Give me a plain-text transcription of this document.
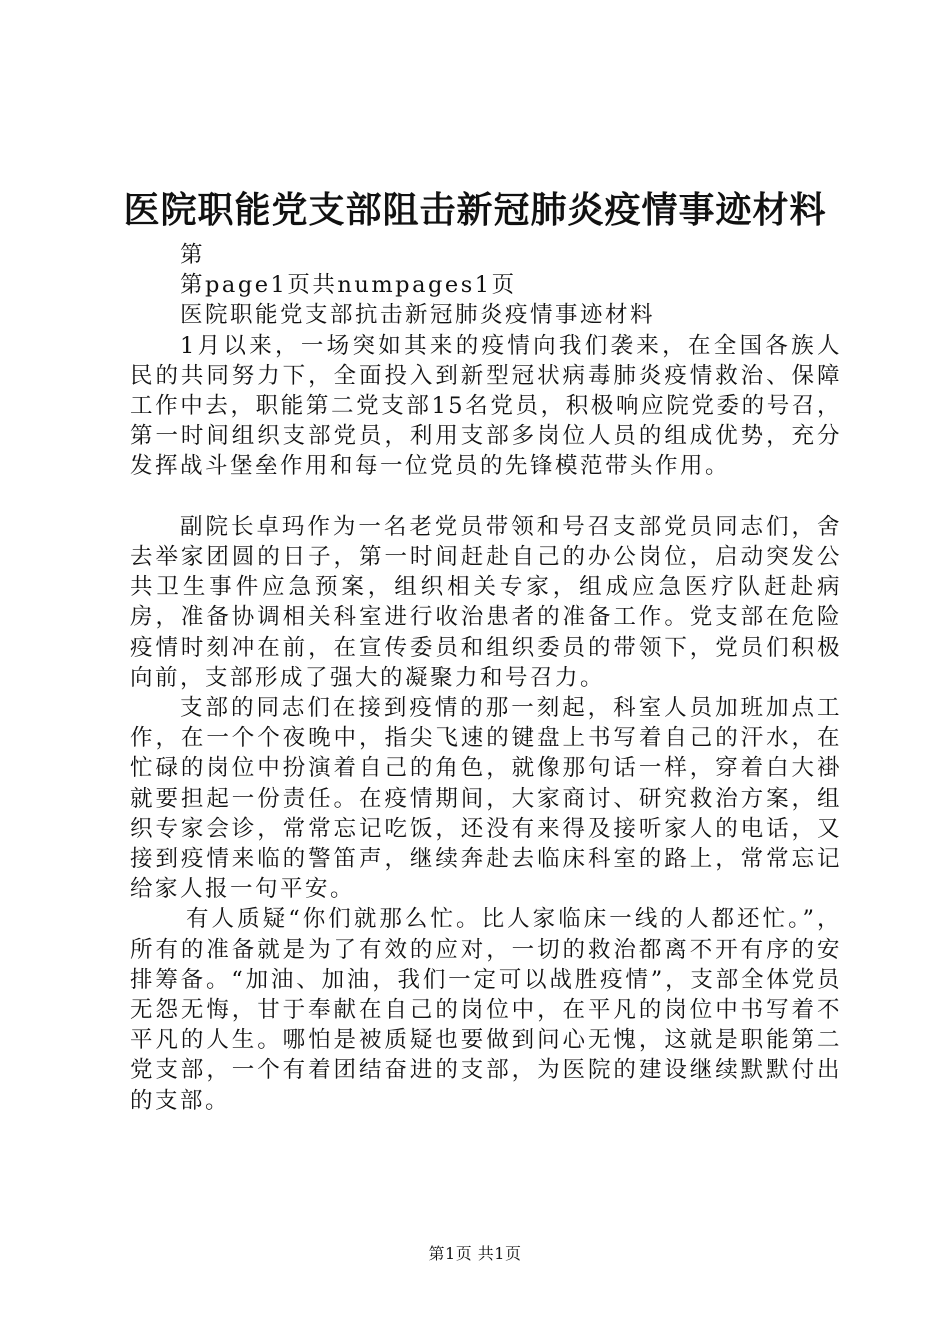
医院职能党支部阻击新冠肺炎疫情事迹材料

第

第page1页共numpages1页

医院职能党支部抗击新冠肺炎疫情事迹材料

1月以来，一场突如其来的疫情向我们袭来，在全国各族人民的共同努力下，全面投入到新型冠状病毒肺炎疫情救治、保障工作中去，职能第二党支部15名党员，积极响应院党委的号召，第一时间组织支部党员，利用支部多岗位人员的组成优势，充分发挥战斗堡垒作用和每一位党员的先锋模范带头作用。

副院长卓玛作为一名老党员带领和号召支部党员同志们，舍去举家团圆的日子，第一时间赶赴自己的办公岗位，启动突发公共卫生事件应急预案，组织相关专家，组成应急医疗队赶赴病房，准备协调相关科室进行收治患者的准备工作。党支部在危险疫情时刻冲在前，在宣传委员和组织委员的带领下，党员们积极向前，支部形成了强大的凝聚力和号召力。

支部的同志们在接到疫情的那一刻起，科室人员加班加点工作，在一个个夜晚中，指尖飞速的键盘上书写着自己的汗水，在忙碌的岗位中扮演着自己的角色，就像那句话一样，穿着白大褂就要担起一份责任。在疫情期间，大家商讨、研究救治方案，组织专家会诊，常常忘记吃饭，还没有来得及接听家人的电话，又接到疫情来临的警笛声，继续奔赴去临床科室的路上，常常忘记给家人报一句平安。

有人质疑“你们就那么忙。比人家临床一线的人都还忙。”，所有的准备就是为了有效的应对，一切的救治都离不开有序的安排筹备。“加油、加油，我们一定可以战胜疫情”，支部全体党员无怨无悔，甘于奉献在自己的岗位中，在平凡的岗位中书写着不平凡的人生。哪怕是被质疑也要做到问心无愧，这就是职能第二党支部，一个有着团结奋进的支部，为医院的建设继续默默付出的支部。

第1页 共1页
